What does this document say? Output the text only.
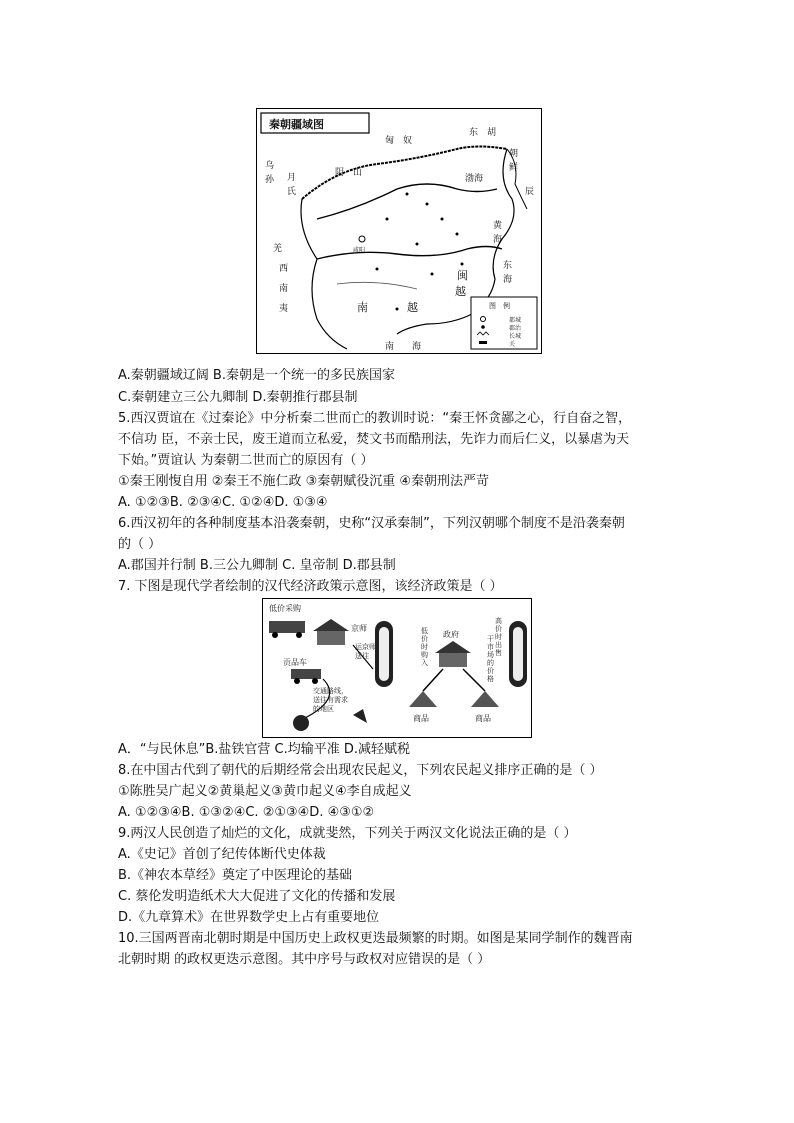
秦朝疆域图
匈　奴
阴　山
东　胡
乌
孙 月
氏
朝
鲜
辰
渤海
黄
海
东
海
羌
西
南
夷	南	越
闽
越
南　　海
咸阳
图　例
都城
郡治
长城
关
A.秦朝疆域辽阔 B.秦朝是一个统一的多民族国家
C.秦朝建立三公九卿制 D.秦朝推行郡县制
5.西汉贾谊在《过秦论》中分析秦二世而亡的教训时说：“秦王怀贪鄙之心，行自奋之智，
不信功 臣，不亲士民，废王道而立私爱，焚文书而酷刑法，先诈力而后仁义，以暴虐为天
下始。”贾谊认 为秦朝二世而亡的原因有（ ）
①秦王刚愎自用 ②秦王不施仁政 ③秦朝赋役沉重 ④秦朝刑法严苛
A. ①②③B. ②③④C. ①②④D. ①③④
6.西汉初年的各种制度基本沿袭秦朝，史称“汉承秦制”，下列汉朝哪个制度不是沿袭秦朝
的（ ）
A.郡国并行制 B.三公九卿制 C. 皇帝制 D.郡县制
7. 下图是现代学者绘制的汉代经济政策示意图，该经济政策是（ ）
低价采购
京师
贡品车
交通路线，
送往有需求
的地区
运京师
送往
政府
低
价
时
购
入
高
价
时
出
售
干
市
场
的
价
格
商品	商品
A．“与民休息”B.盐铁官营 C.均输平准 D.减轻赋税
8.在中国古代到了朝代的后期经常会出现农民起义，下列农民起义排序正确的是（ ）
①陈胜吴广起义②黄巢起义③黄巾起义④李自成起义
A. ①②③④B. ①③②④C. ②①③④D. ④③①②
9.两汉人民创造了灿烂的文化，成就斐然，下列关于两汉文化说法正确的是（ ）
A.《史记》首创了纪传体断代史体裁
B.《神农本草经》奠定了中医理论的基础
C. 蔡伦发明造纸术大大促进了文化的传播和发展
D.《九章算术》在世界数学史上占有重要地位
10.三国两晋南北朝时期是中国历史上政权更迭最频繁的时期。如图是某同学制作的魏晋南
北朝时期 的政权更迭示意图。其中序号与政权对应错误的是（ ）
